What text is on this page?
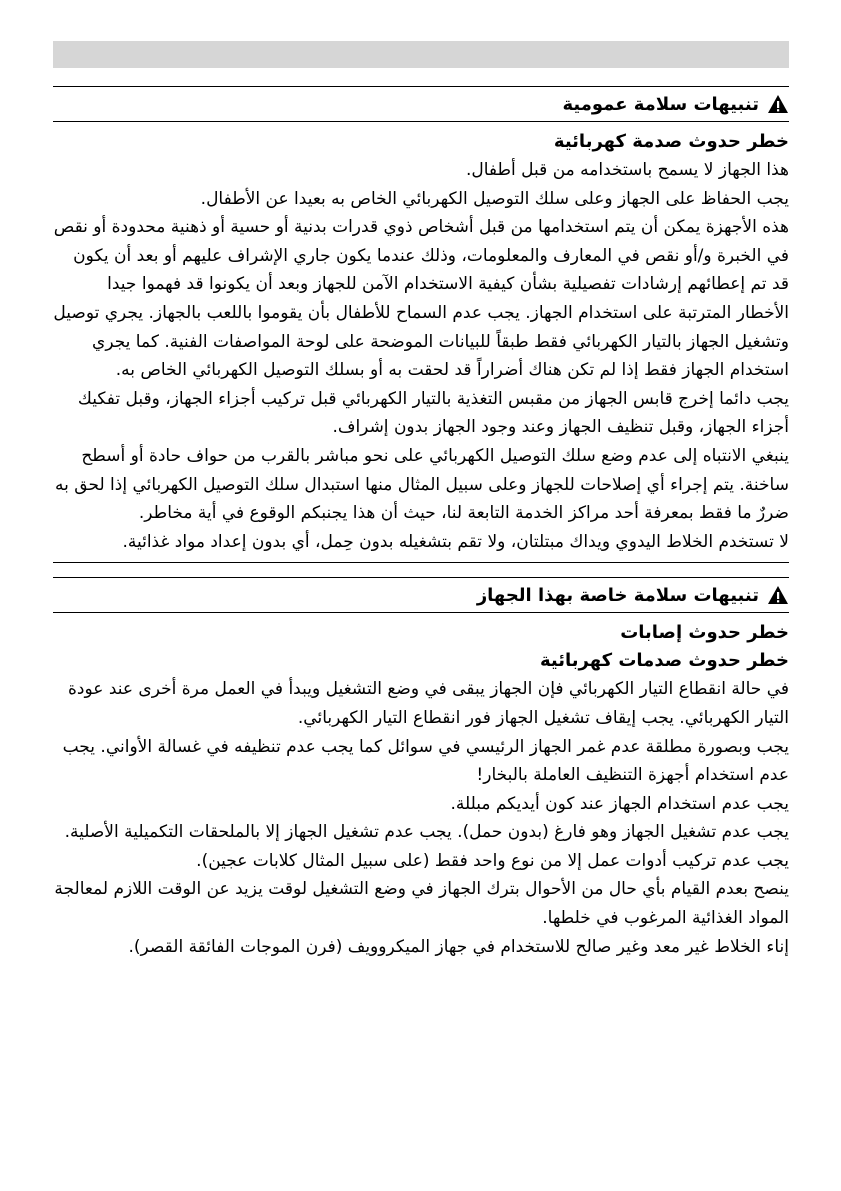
تنبيهات سلامة عمومية
خطر حدوث صدمة كهربائية

هذا الجهاز لا يسمح باستخدامه من قبل أطفال.

يجب الحفاظ على الجهاز وعلى سلك التوصيل الكهربائي الخاص به بعيدا عن الأطفال.

هذه الأجهزة يمكن أن يتم استخدامها من قبل أشخاص ذوي قدرات بدنية أو حسية أو ذهنية محدودة أو نقص في الخبرة و/أو نقص في المعارف والمعلومات، وذلك عندما يكون جاري الإشراف عليهم أو بعد أن يكون قد تم إعطائهم إرشادات تفصيلية بشأن كيفية الاستخدام الآمن للجهاز وبعد أن يكونوا قد فهموا جيدا الأخطار المترتبة على استخدام الجهاز. يجب عدم السماح للأطفال بأن يقوموا باللعب بالجهاز. يجري توصيل وتشغيل الجهاز بالتيار الكهربائي فقط طبقاً للبيانات الموضحة على لوحة المواصفات الفنية. كما يجري استخدام الجهاز فقط إذا لم تكن هناك أضراراً قد لحقت به أو بسلك التوصيل الكهربائي الخاص به.

يجب دائما إخرج قابس الجهاز من مقبس التغذية بالتيار الكهربائي قبل تركيب أجزاء الجهاز، وقبل تفكيك أجزاء الجهاز، وقبل تنظيف الجهاز وعند وجود الجهاز بدون إشراف.

ينبغي الانتباه إلى عدم وضع سلك التوصيل الكهربائي على نحو مباشر بالقرب من حواف حادة أو أسطح ساخنة. يتم إجراء أي إصلاحات للجهاز وعلى سبيل المثال منها استبدال سلك التوصيل الكهربائي إذا لحق به ضررٌ ما فقط بمعرفة أحد مراكز الخدمة التابعة لنا، حيث أن هذا يجنبكم الوقوع في أية مخاطر.

لا تستخدم الخلاط اليدوي ويداك مبتلتان، ولا تقم بتشغيله بدون حِمل، أي بدون إعداد مواد غذائية.

تنبيهات سلامة خاصة بهذا الجهاز
خطر حدوث إصابات
خطر حدوث صدمات كهربائية

في حالة انقطاع التيار الكهربائي فإن الجهاز يبقى في وضع التشغيل ويبدأ في العمل مرة أخرى عند عودة التيار الكهربائي. يجب إيقاف تشغيل الجهاز فور انقطاع التيار الكهربائي.

يجب وبصورة مطلقة عدم غمر الجهاز الرئيسي في سوائل كما يجب عدم تنظيفه في غسالة الأواني. يجب عدم استخدام أجهزة التنظيف العاملة بالبخار!

يجب عدم استخدام الجهاز عند كون أيديكم مبللة.

يجب عدم تشغيل الجهاز وهو فارغ (بدون حمل). يجب عدم تشغيل الجهاز إلا بالملحقات التكميلية الأصلية.

يجب عدم تركيب أدوات عمل إلا من نوع واحد فقط (على سبيل المثال كلابات عجين).

ينصح بعدم القيام بأي حال من الأحوال بترك الجهاز في وضع التشغيل لوقت يزيد عن الوقت اللازم لمعالجة المواد الغذائية المرغوب في خلطها.

إناء الخلاط غير معد وغير صالح للاستخدام في جهاز الميكروويف (فرن الموجات الفائقة القصر).
